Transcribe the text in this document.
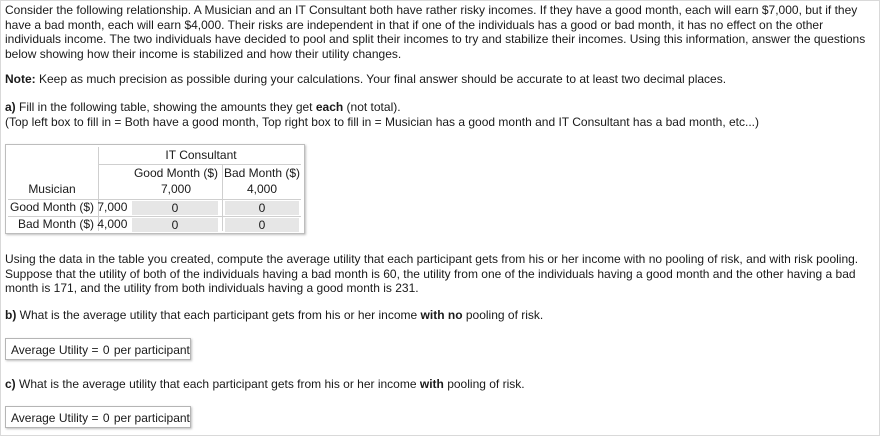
Consider the following relationship. A Musician and an IT Consultant both have rather risky incomes. If they have a good month, each will earn $7,000, but if they have a bad month, each will earn $4,000. Their risks are independent in that if one of the individuals has a good or bad month, it has no effect on the other individuals income. The two individuals have decided to pool and split their incomes to try and stabilize their incomes. Using this information, answer the questions below showing how their income is stabilized and how their utility changes.

Note: Keep as much precision as possible during your calculations. Your final answer should be accurate to at least two decimal places.

a) Fill in the following table, showing the amounts they get each (not total).
(Top left box to fill in = Both have a good month, Top right box to fill in = Musician has a good month and IT Consultant has a bad month, etc...)

IT Consultant
Good Month ($) Bad Month ($)
Musician	7,000	4,000
Good Month ($) 7,000	0	0
Bad Month ($) 4,000	0	0

Using the data in the table you created, compute the average utility that each participant gets from his or her income with no pooling of risk, and with risk pooling. Suppose that the utility of both of the individuals having a bad month is 60, the utility from one of the individuals having a good month and the other having a bad month is 171, and the utility from both individuals having a good month is 231.

b) What is the average utility that each participant gets from his or her income with no pooling of risk.

Average Utility = 0 per participant

c) What is the average utility that each participant gets from his or her income with pooling of risk.

Average Utility = 0 per participant
